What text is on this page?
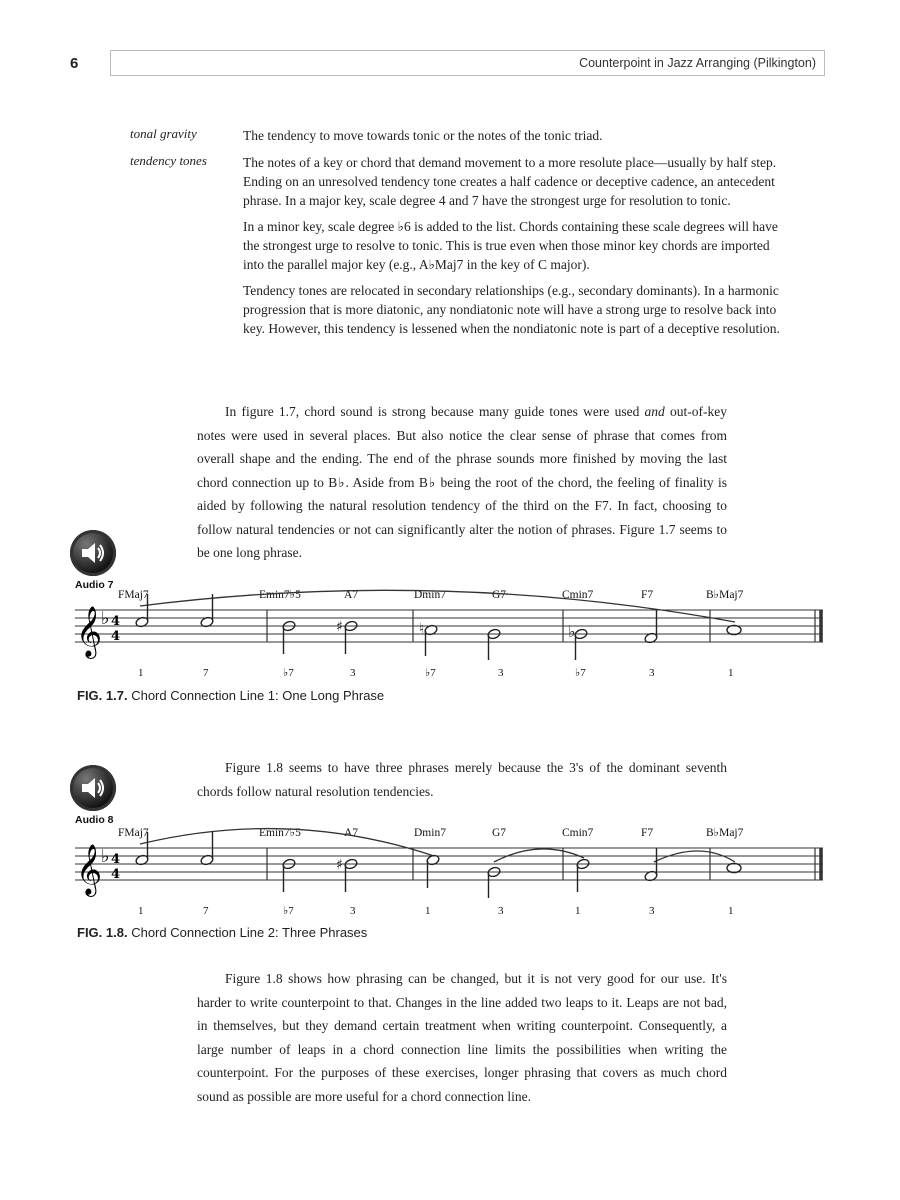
6	Counterpoint in Jazz Arranging (Pilkington)
tonal gravity	The tendency to move towards tonic or the notes of the tonic triad.

tendency tones	The notes of a key or chord that demand movement to a more resolute place—usually by half step. Ending on an unresolved tendency tone creates a half cadence or deceptive cadence, an antecedent phrase. In a major key, scale degree 4 and 7 have the strongest urge for resolution to tonic.

In a minor key, scale degree ♭6 is added to the list. Chords containing these scale degrees will have the strongest urge to resolve to tonic. This is true even when those minor key chords are imported into the parallel major key (e.g., A♭Maj7 in the key of C major).

Tendency tones are relocated in secondary relationships (e.g., secondary dominants). In a harmonic progression that is more diatonic, any nondiatonic note will have a strong urge to resolve back into key. However, this tendency is lessened when the nondiatonic note is part of a deceptive resolution.

In figure 1.7, chord sound is strong because many guide tones were used and out-of-key notes were used in several places. But also notice the clear sense of phrase that comes from overall shape and the ending. The end of the phrase sounds more finished by moving the last chord connection up to B♭. Aside from B♭ being the root of the chord, the feeling of finality is aided by following the natural resolution tendency of the third on the F7. In fact, choosing to follow natural tendencies or not can significantly alter the notion of phrases. Figure 1.7 seems to be one long phrase.

Audio 7
FMaj7	Emin7♭5	A7	Dmin7	G7	Cmin7	F7	B♭Maj7
𝄞
♭ 4
4
♯	♮	♭
1	7	♭7	3	♭7	3	♭7	3	1
FIG. 1.7. Chord Connection Line 1: One Long Phrase
Audio 8

Figure 1.8 seems to have three phrases merely because the 3's of the dominant seventh chords follow natural resolution tendencies.

FMaj7	Emin7♭5	A7	Dmin7	G7	Cmin7	F7	B♭Maj7
𝄞
♭ 4
4
♯
1	7	♭7	3	1	3	1	3	1
FIG. 1.8. Chord Connection Line 2: Three Phrases

Figure 1.8 shows how phrasing can be changed, but it is not very good for our use. It's harder to write counterpoint to that. Changes in the line added two leaps to it. Leaps are not bad, in themselves, but they demand certain treatment when writing counterpoint. Consequently, a large number of leaps in a chord connection line limits the possibilities when writing the counterpoint. For the purposes of these exercises, longer phrasing that covers as much chord sound as possible are more useful for a chord connection line.
